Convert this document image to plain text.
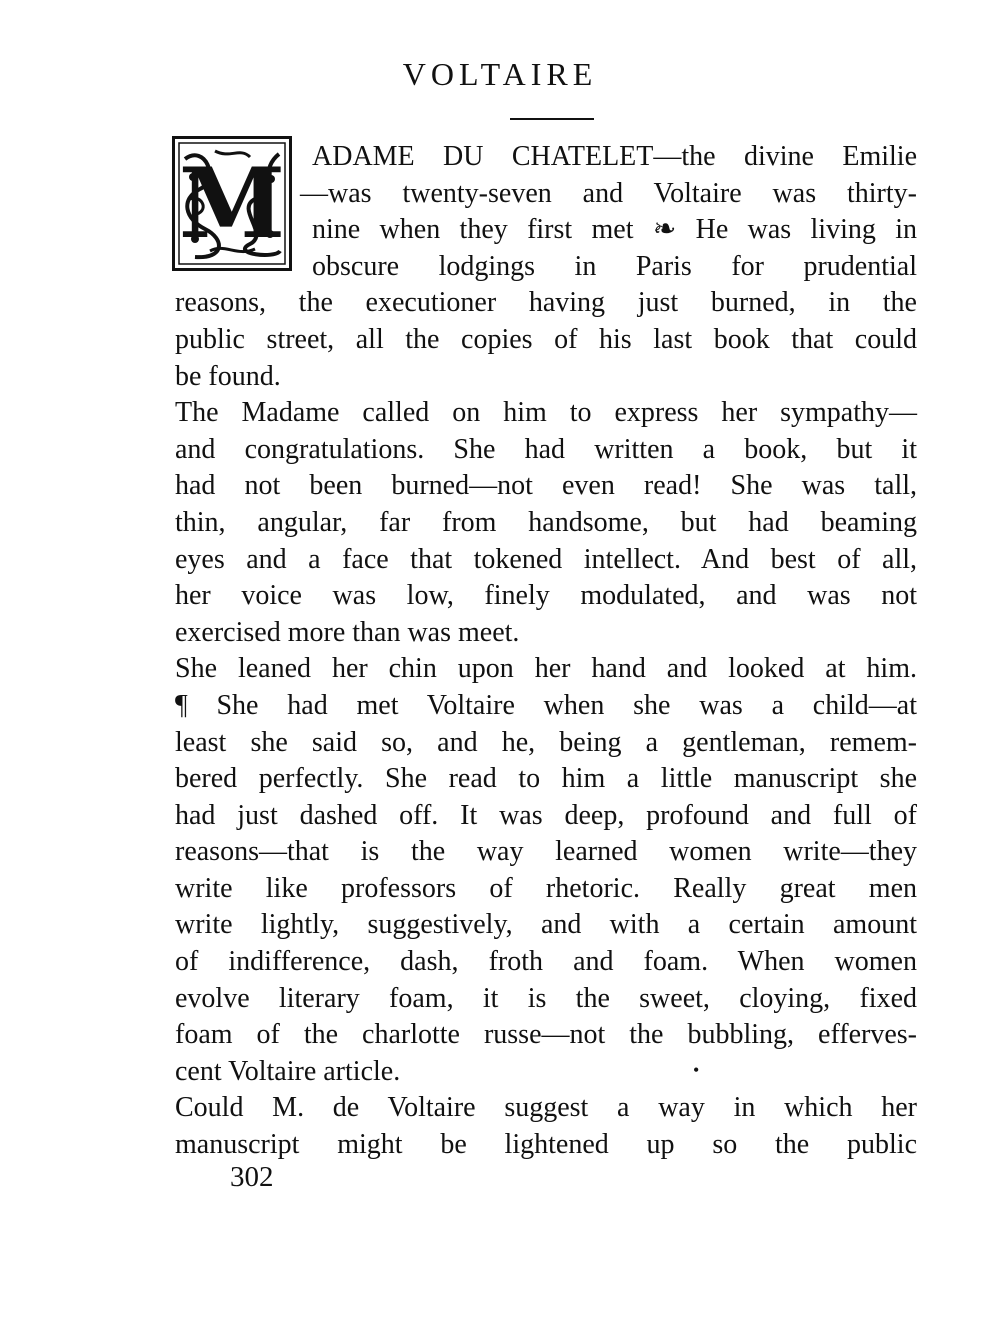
VOLTAIRE
M ADAME DU CHATELET—the divine Emilie
—was twenty-seven and Voltaire was thirty-
nine when they first met ❧ He was living in
obscure lodgings in Paris for prudential
reasons, the executioner having just burned, in the
public street, all the copies of his last book that could
be found.
The Madame called on him to express her sympathy—
and congratulations. She had written a book, but it
had not been burned—not even read! She was tall,
thin, angular, far from handsome, but had beaming
eyes and a face that tokened intellect. And best of all,
her voice was low, finely modulated, and was not
exercised more than was meet.
She leaned her chin upon her hand and looked at him.
¶ She had met Voltaire when she was a child—at
least she said so, and he, being a gentleman, remem-
bered perfectly. She read to him a little manuscript she
had just dashed off. It was deep, profound and full of
reasons—that is the way learned women write—they
write like professors of rhetoric. Really great men
write lightly, suggestively, and with a certain amount
of indifference, dash, froth and foam. When women
evolve literary foam, it is the sweet, cloying, fixed
foam of the charlotte russe—not the bubbling, efferves-
cent Voltaire article.
Could M. de Voltaire suggest a way in which her
manuscript might be lightened up so the public
•
302
